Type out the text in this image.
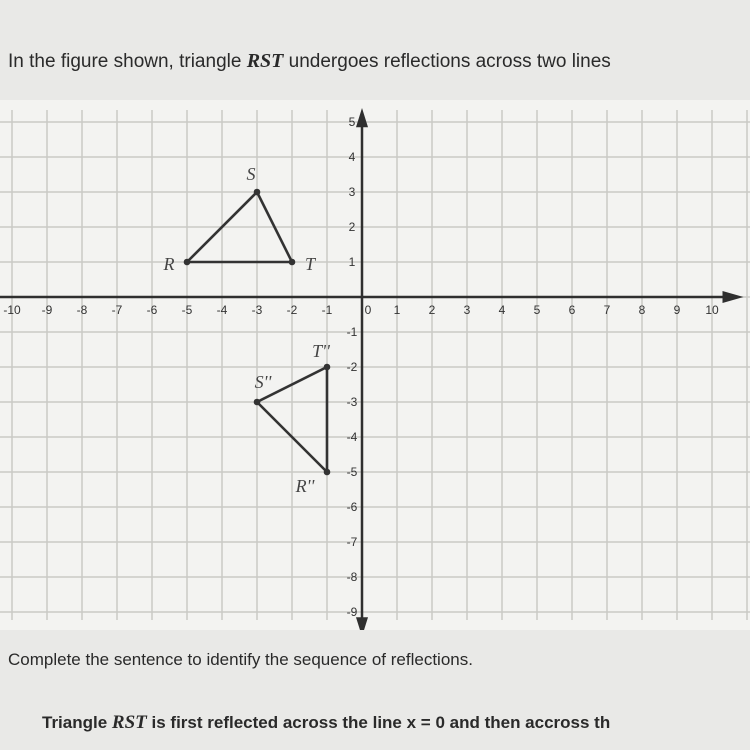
In the figure shown, triangle RST undergoes reflections across two lines
-10 -9 -8 -7 -6 -5 -4 -3 -2 -1	0 1 2 3 4 5 6 7 8 9 10
5
4
3
2
1
-1
-2
-3
-4
-5
-6
-7
-8
-9
R
S
T
R''
S''
T''
Complete the sentence to identify the sequence of reflections.
Triangle RST is first reflected across the line x = 0 and then accross th
